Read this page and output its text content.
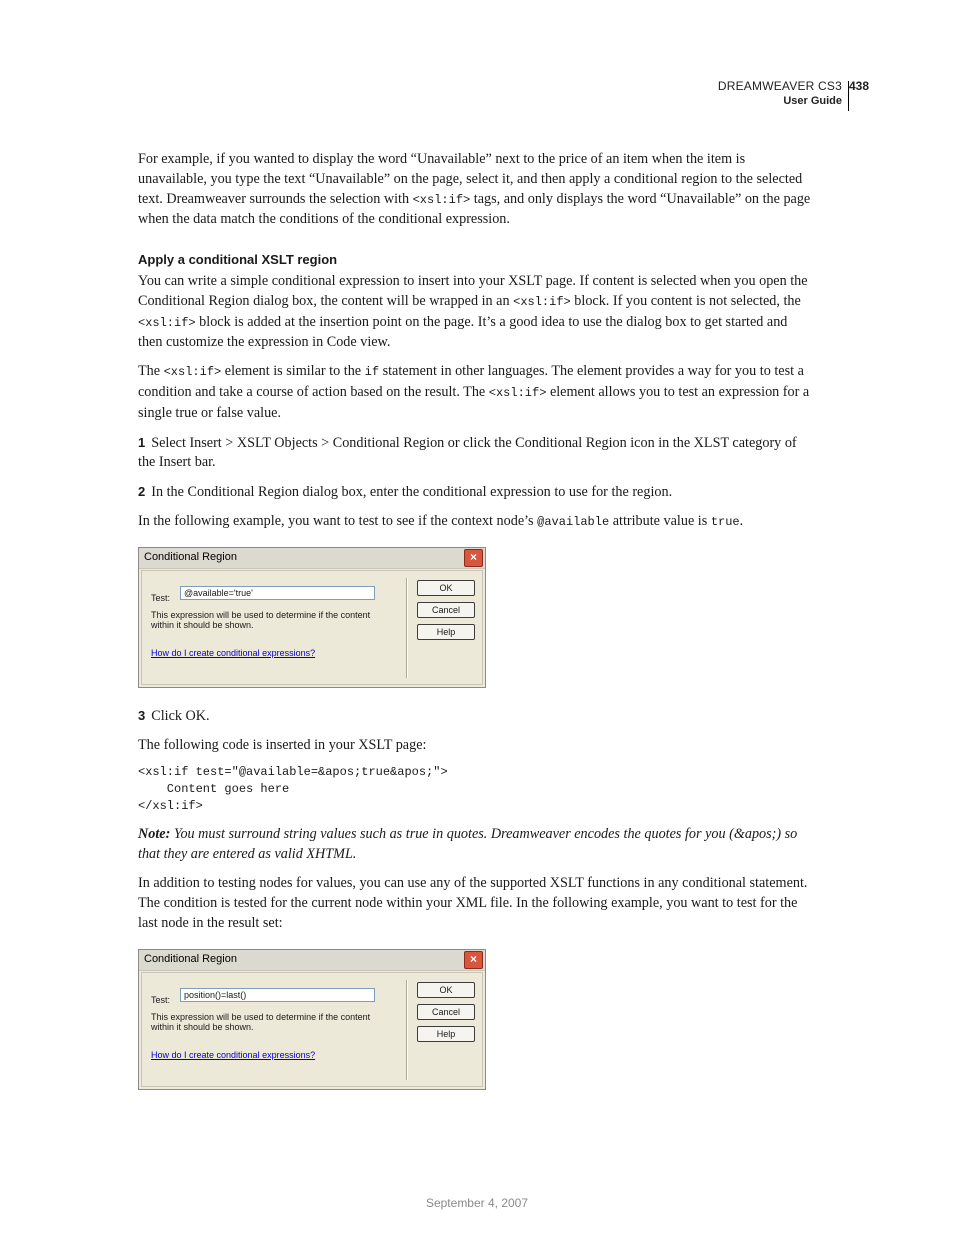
DREAMWEAVER CS3
User Guide
438

For example, if you wanted to display the word “Unavailable” next to the price of an item when the item is unavailable, you type the text “Unavailable” on the page, select it, and then apply a conditional region to the selected text. Dreamweaver surrounds the selection with <xsl:if> tags, and only displays the word “Unavailable” on the page when the data match the conditions of the conditional expression.

Apply a conditional XSLT region

You can write a simple conditional expression to insert into your XSLT page. If content is selected when you open the Conditional Region dialog box, the content will be wrapped in an <xsl:if> block. If you content is not selected, the <xsl:if> block is added at the insertion point on the page. It’s a good idea to use the dialog box to get started and then customize the expression in Code view.

The <xsl:if> element is similar to the if statement in other languages. The element provides a way for you to test a condition and take a course of action based on the result. The <xsl:if> element allows you to test an expression for a single true or false value.

1 Select Insert > XSLT Objects > Conditional Region or click the Conditional Region icon in the XLST category of the Insert bar.

2 In the Conditional Region dialog box, enter the conditional expression to use for the region.

In the following example, you want to test to see if the context node’s @available attribute value is true.

Conditional Region	×
Test:	@available='true'
This expression will be used to determine if the content within it should be shown.
How do I create conditional expressions?
OK
Cancel
Help

3 Click OK.

The following code is inserted in your XSLT page:

<xsl:if test="@available=&apos;true&apos;">
Content goes here
</xsl:if>

Note: You must surround string values such as true in quotes. Dreamweaver encodes the quotes for you (&apos;) so that they are entered as valid XHTML.

In addition to testing nodes for values, you can use any of the supported XSLT functions in any conditional statement. The condition is tested for the current node within your XML file. In the following example, you want to test for the last node in the result set:

Conditional Region	×
Test:	position()=last()
This expression will be used to determine if the content within it should be shown.
How do I create conditional expressions?
OK
Cancel
Help
September 4, 2007
